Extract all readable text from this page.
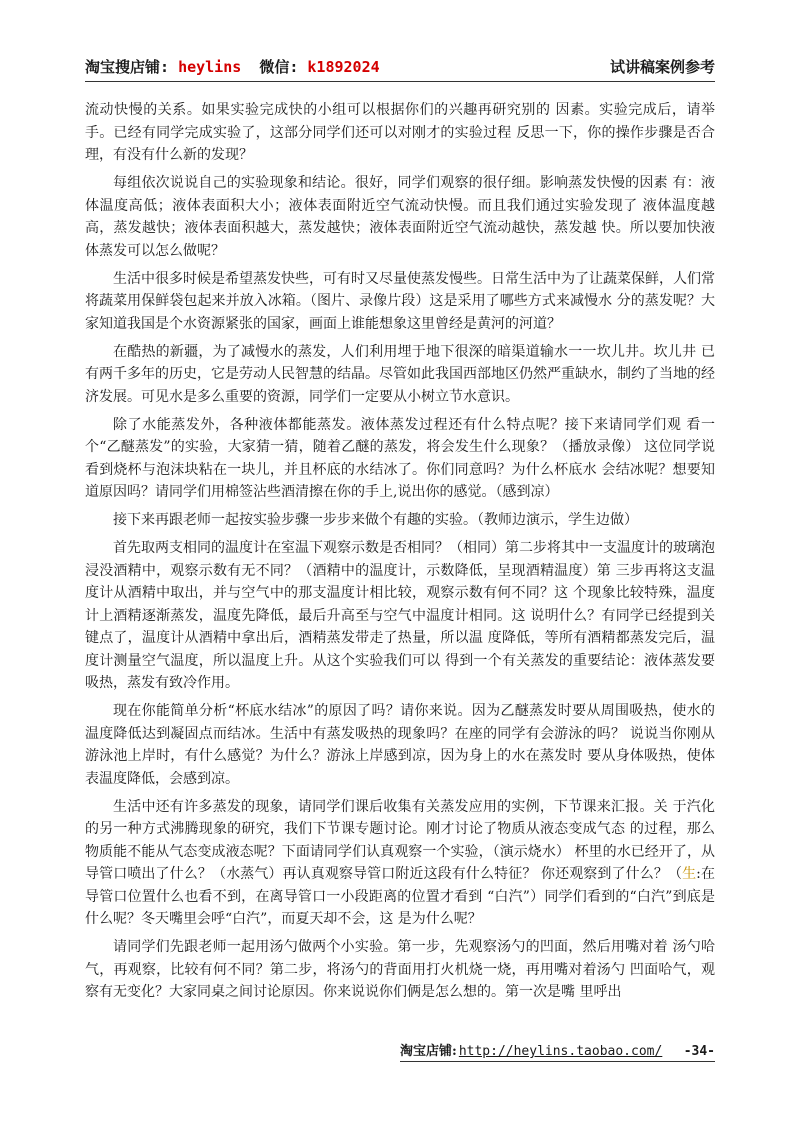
淘宝搜店铺: heylins  微信: k1892024	试讲稿案例参考

流动快慢的关系。如果实验完成快的小组可以根据你们的兴趣再研究别的 因素。实验完成后，请举手。已经有同学完成实验了，这部分同学们还可以对刚才的实验过程 反思一下，你的操作步骤是否合理，有没有什么新的发现？

每组依次说说自己的实验现象和结论。很好，同学们观察的很仔细。影响蒸发快慢的因素 有：液体温度高低；液体表面积大小；液体表面附近空气流动快慢。而且我们通过实验发现了 液体温度越高，蒸发越快；液体表面积越大，蒸发越快；液体表面附近空气流动越快，蒸发越 快。所以要加快液体蒸发可以怎么做呢？

生活中很多时候是希望蒸发快些，可有时又尽量使蒸发慢些。日常生活中为了让蔬菜保鲜，人们常将蔬菜用保鲜袋包起来并放入冰箱。（图片、录像片段）这是采用了哪些方式来减慢水 分的蒸发呢？大家知道我国是个水资源紧张的国家，画面上谁能想象这里曾经是黄河的河道？

在酷热的新疆，为了减慢水的蒸发，人们利用埋于地下很深的暗渠道输水一一坎儿井。坎儿井 已有两千多年的历史，它是劳动人民智慧的结晶。尽管如此我国西部地区仍然严重缺水，制约了当地的经济发展。可见水是多么重要的资源，同学们一定要从小树立节水意识。

除了水能蒸发外，各种液体都能蒸发。液体蒸发过程还有什么特点呢？接下来请同学们观 看一个“乙醚蒸发”的实验，大家猜一猜，随着乙醚的蒸发，将会发生什么现象？（播放录像） 这位同学说看到烧杯与泡沫块粘在一块儿，并且杯底的水结冰了。你们同意吗？为什么杯底水 会结冰呢？想要知道原因吗？请同学们用棉签沾些酒清擦在你的手上,说出你的感觉。（感到凉）

接下来再跟老师一起按实验步骤一步步来做个有趣的实验。（教师边演示，学生边做）

首先取两支相同的温度计在室温下观察示数是否相同？（相同）第二步将其中一支温度计的玻璃泡浸没酒精中，观察示数有无不同？（酒精中的温度计，示数降低，呈现酒精温度）第 三步再将这支温度计从酒精中取出，并与空气中的那支温度计相比较，观察示数有何不同？这 个现象比较特殊，温度计上酒精逐渐蒸发，温度先降低，最后升高至与空气中温度计相同。这 说明什么？有同学已经提到关键点了，温度计从酒精中拿出后，酒精蒸发带走了热量，所以温 度降低，等所有酒精都蒸发完后，温度计测量空气温度，所以温度上升。从这个实验我们可以 得到一个有关蒸发的重要结论：液体蒸发要吸热，蒸发有致冷作用。

现在你能简单分析“杯底水结冰”的原因了吗？请你来说。因为乙醚蒸发时要从周围吸热，使水的温度降低达到凝固点而结冰。生活中有蒸发吸热的现象吗？在座的同学有会游泳的吗？ 说说当你刚从游泳池上岸时，有什么感觉？为什么？游泳上岸感到凉，因为身上的水在蒸发时 要从身体吸热，使体表温度降低，会感到凉。

生活中还有许多蒸发的现象，请同学们课后收集有关蒸发应用的实例，下节课来汇报。关 于汽化的另一种方式沸腾现象的研究，我们下节课专题讨论。刚才讨论了物质从液态变成气态 的过程，那么物质能不能从气态变成液态呢？下面请同学们认真观察一个实验，（演示烧水） 杯里的水已经开了，从导管口喷出了什么？（水蒸气）再认真观察导管口附近这段有什么特征？ 你还观察到了什么？（生:在导管口位置什么也看不到，在离导管口一小段距离的位置才看到 “白汽”）同学们看到的“白汽”到底是什么呢？冬天嘴里会呼“白汽”，而夏天却不会，这 是为什么呢？

请同学们先跟老师一起用汤勺做两个小实验。第一步，先观察汤勺的凹面，然后用嘴对着 汤勺哈气，再观察，比较有何不同？第二步，将汤勺的背面用打火机烧一烧，再用嘴对着汤勺 凹面哈气，观察有无变化？大家同桌之间讨论原因。你来说说你们俩是怎么想的。第一次是嘴 里呼出

淘宝店铺: http://heylins.taobao.com/ -34-
